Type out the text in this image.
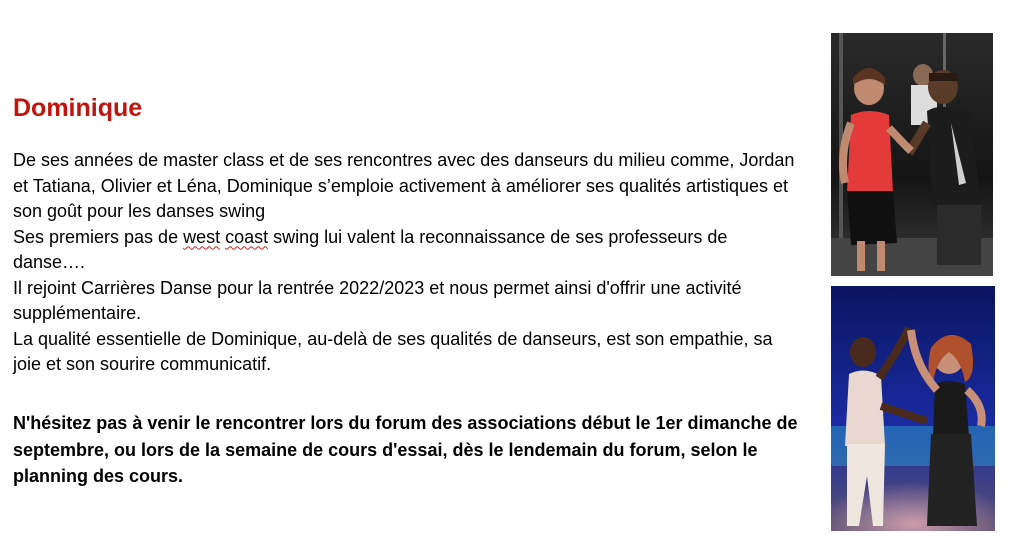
Dominique

De ses années de master class et de ses rencontres avec des danseurs du milieu comme, Jordan et Tatiana, Olivier et Léna, Dominique s’emploie activement à améliorer ses qualités artistiques et son goût pour les danses swing

Ses premiers pas de west coast swing lui valent la reconnaissance de ses professeurs de danse….

Il rejoint Carrières Danse pour la rentrée 2022/2023 et nous permet ainsi d'offrir une activité supplémentaire.

La qualité essentielle de Dominique, au-delà de ses qualités de danseurs, est son empathie, sa joie et son sourire communicatif.

N'hésitez pas à venir le rencontrer lors du forum des associations début le 1er dimanche de septembre, ou lors de la semaine de cours d'essai, dès le lendemain du forum, selon le planning des cours.
